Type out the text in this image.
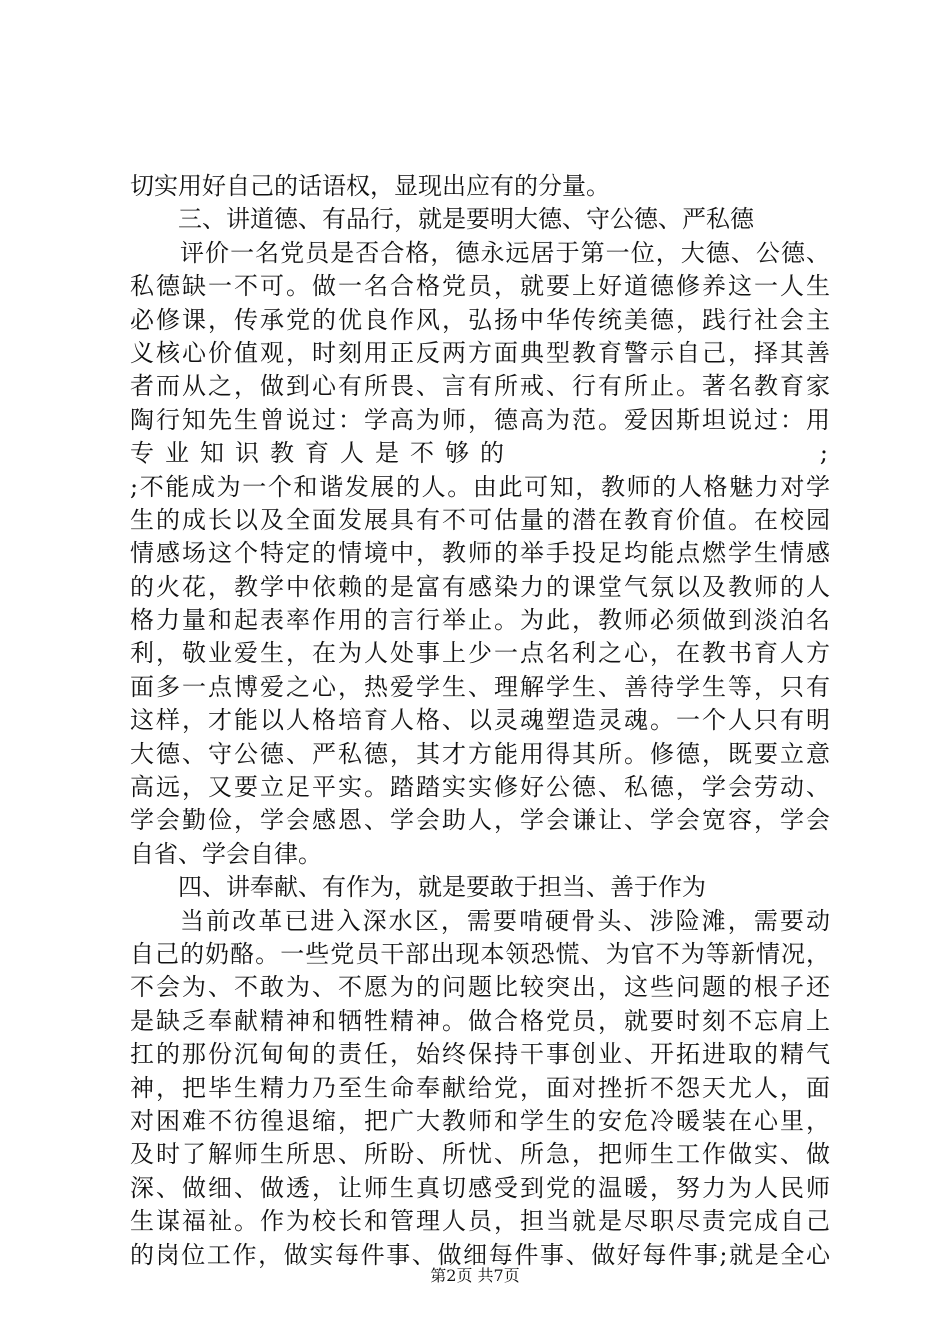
切实用好自己的话语权，显现出应有的分量。
三、讲道德、有品行，就是要明大德、守公德、严私德
评价一名党员是否合格，德永远居于第一位，大德、公德、
私德缺一不可。做一名合格党员，就要上好道德修养这一人生
必修课，传承党的优良作风，弘扬中华传统美德，践行社会主
义核心价值观，时刻用正反两方面典型教育警示自己，择其善
者而从之，做到心有所畏、言有所戒、行有所止。著名教育家
陶行知先生曾说过：学高为师，德高为范。爱因斯坦说过：用
专业知识教育人是不够的	;
;不能成为一个和谐发展的人。由此可知，教师的人格魅力对学
生的成长以及全面发展具有不可估量的潜在教育价值。在校园
情感场这个特定的情境中，教师的举手投足均能点燃学生情感
的火花，教学中依赖的是富有感染力的课堂气氛以及教师的人
格力量和起表率作用的言行举止。为此，教师必须做到淡泊名
利，敬业爱生，在为人处事上少一点名利之心，在教书育人方
面多一点博爱之心，热爱学生、理解学生、善待学生等，只有
这样，才能以人格培育人格、以灵魂塑造灵魂。一个人只有明
大德、守公德、严私德，其才方能用得其所。修德，既要立意
高远，又要立足平实。踏踏实实修好公德、私德，学会劳动、
学会勤俭，学会感恩、学会助人，学会谦让、学会宽容，学会
自省、学会自律。
四、讲奉献、有作为，就是要敢于担当、善于作为
当前改革已进入深水区，需要啃硬骨头、涉险滩，需要动
自己的奶酪。一些党员干部出现本领恐慌、为官不为等新情况，
不会为、不敢为、不愿为的问题比较突出，这些问题的根子还
是缺乏奉献精神和牺牲精神。做合格党员，就要时刻不忘肩上
扛的那份沉甸甸的责任，始终保持干事创业、开拓进取的精气
神，把毕生精力乃至生命奉献给党，面对挫折不怨天尤人，面
对困难不彷徨退缩，把广大教师和学生的安危冷暖装在心里，
及时了解师生所思、所盼、所忧、所急，把师生工作做实、做
深、做细、做透，让师生真切感受到党的温暖，努力为人民师
生谋福祉。作为校长和管理人员，担当就是尽职尽责完成自己
的岗位工作，做实每件事、做细每件事、做好每件事;就是全心
第2页 共7页
